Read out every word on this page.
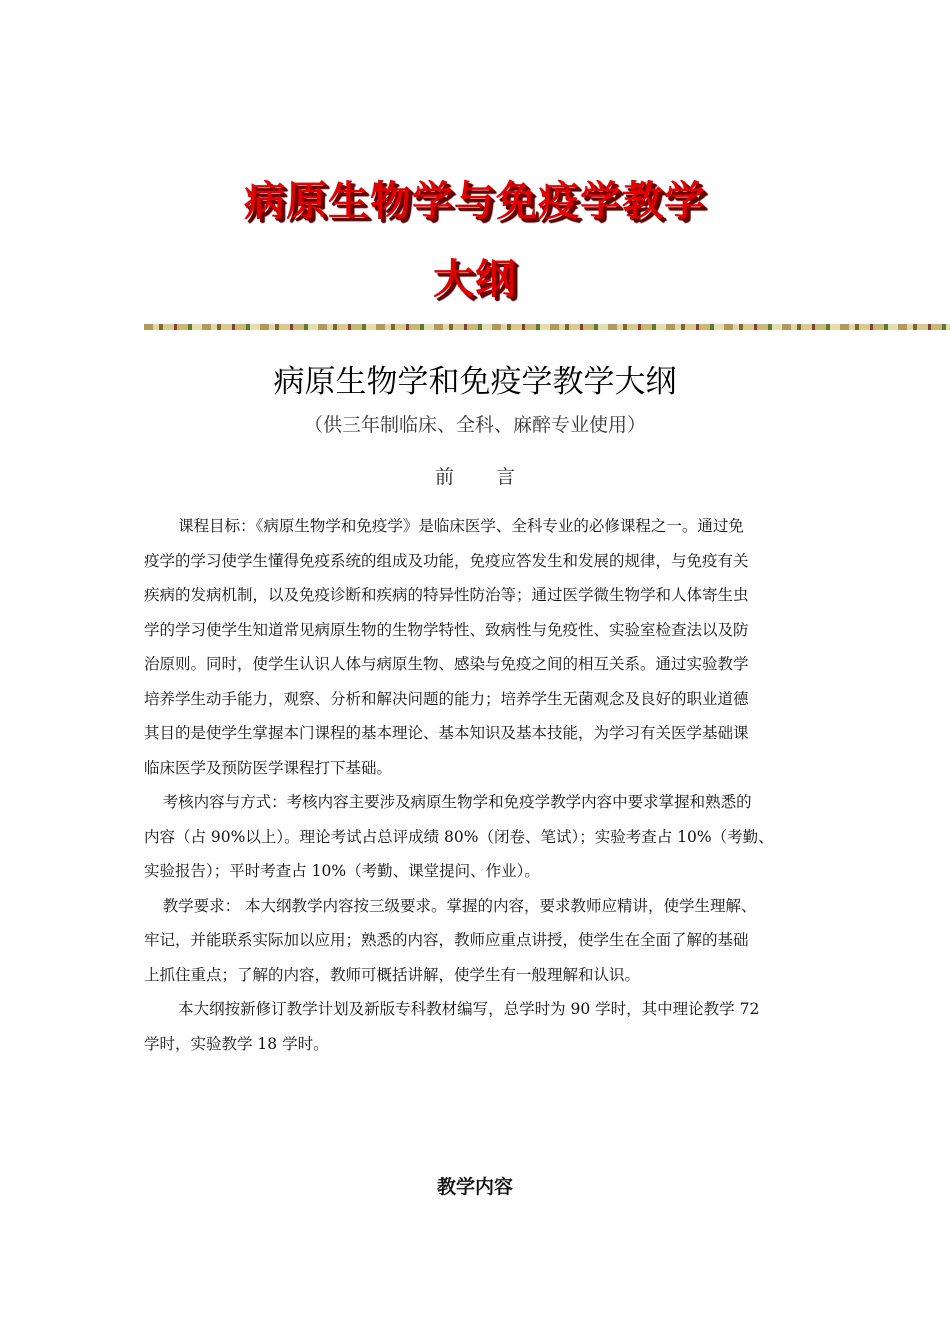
病原生物学与免疫学教学
大纲
病原生物学和免疫学教学大纲
（供三年制临床、全科、麻醉专业使用）
前 言

课程目标：《病原生物学和免疫学》是临床医学、全科专业的必修课程之一。通过免
疫学的学习使学生懂得免疫系统的组成及功能，免疫应答发生和发展的规律，与免疫有关
疾病的发病机制，以及免疫诊断和疾病的特异性防治等；通过医学微生物学和人体寄生虫
学的学习使学生知道常见病原生物的生物学特性、致病性与免疫性、实验室检查法以及防
治原则。同时，使学生认识人体与病原生物、感染与免疫之间的相互关系。通过实验教学
培养学生动手能力，观察、分析和解决问题的能力；培养学生无菌观念及良好的职业道德
其目的是使学生掌握本门课程的基本理论、基本知识及基本技能，为学习有关医学基础课
临床医学及预防医学课程打下基础。

考核内容与方式：考核内容主要涉及病原生物学和免疫学教学内容中要求掌握和熟悉的
内容（占 90%以上）。理论考试占总评成绩 80%（闭卷、笔试）；实验考查占 10%（考勤、
实验报告）；平时考查占 10%（考勤、课堂提问、作业）。

教学要求： 本大纲教学内容按三级要求。掌握的内容，要求教师应精讲，使学生理解、
牢记，并能联系实际加以应用；熟悉的内容，教师应重点讲授，使学生在全面了解的基础
上抓住重点；了解的内容，教师可概括讲解，使学生有一般理解和认识。

本大纲按新修订教学计划及新版专科教材编写，总学时为 90 学时，其中理论教学 72
学时，实验教学 18 学时。

教学内容
